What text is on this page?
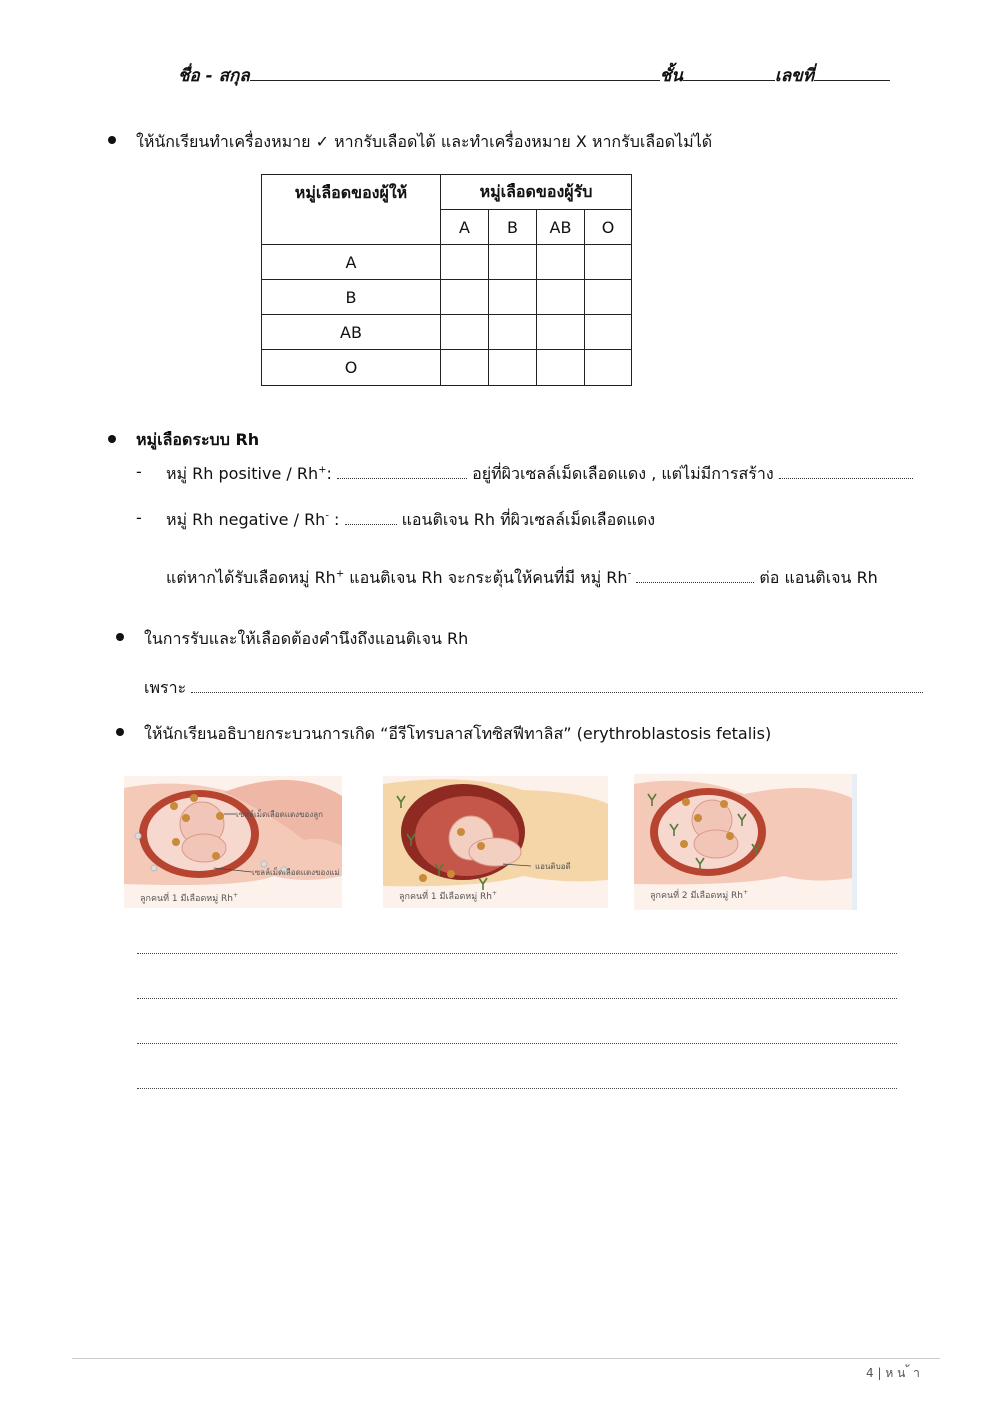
ชื่อ - สกุล	ชั้น	เลขที่
ให้นักเรียนทำเครื่องหมาย ✓ หากรับเลือดได้ และทำเครื่องหมาย X หากรับเลือดไม่ได้
หมู่เลือดของผู้ให้	หมู่เลือดของผู้รับ			
	A	B	AB	O
A				
B				
AB				
O				
หมู่เลือดระบบ Rh
- หมู่ Rh positive / Rh+:	อยู่ที่ผิวเซลล์เม็ดเลือดแดง , แต่ไม่มีการสร้าง
- หมู่ Rh negative / Rh- :	แอนติเจน Rh ที่ผิวเซลล์เม็ดเลือดแดง
แต่หากได้รับเลือดหมู่ Rh+ แอนติเจน Rh จะกระตุ้นให้คนที่มี หมู่ Rh-	ต่อ แอนติเจน Rh
ในการรับและให้เลือดต้องคำนึงถึงแอนติเจน Rh
เพราะ
ให้นักเรียนอธิบายกระบวนการเกิด “อีรีโทรบลาสโทซิสฟีทาลิส” (erythroblastosis fetalis)
เซลล์เม็ดเลือดแดงของลูก
เซลล์เม็ดเลือดแดงของแม่
ลูกคนที่ 1 มีเลือดหมู่ Rh+
แอนติบอดี
ลูกคนที่ 1 มีเลือดหมู่ Rh+	ลูกคนที่ 2 มีเลือดหมู่ Rh+
4 | ห น ้ า
